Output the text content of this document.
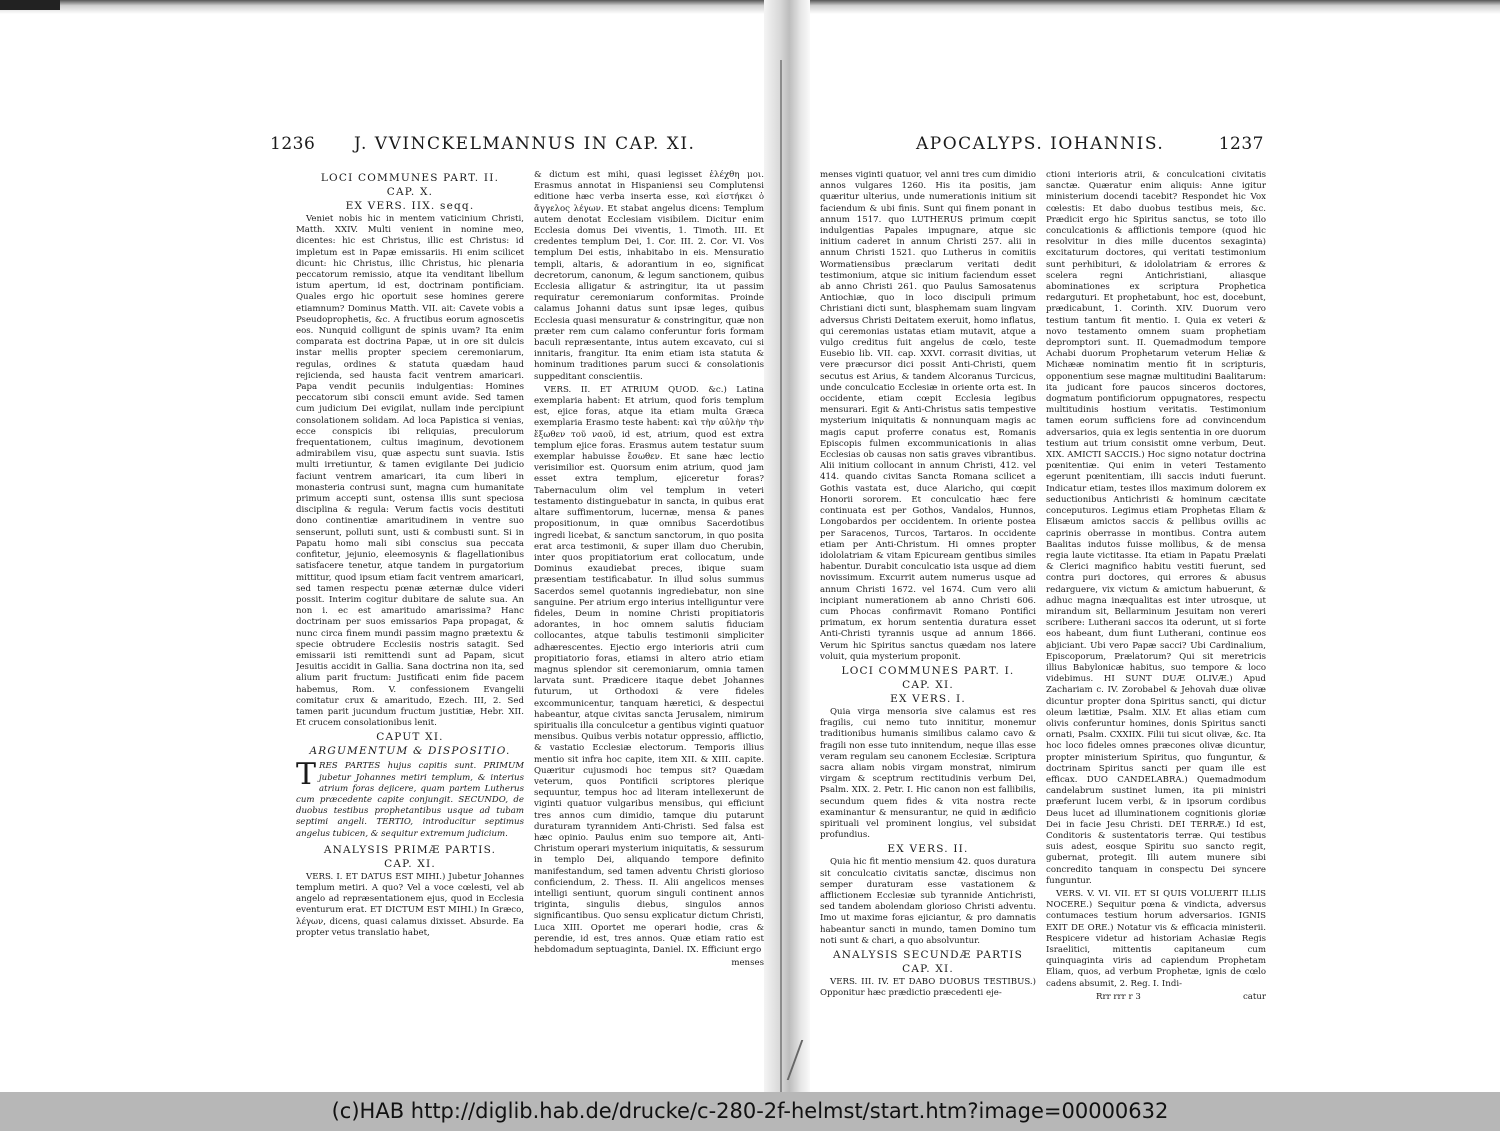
1236 J. VVINCKELMANNUS IN CAP. XI.
LOCI COMMUNES PART. II.
CAP. X.
EX VERS. IIX. seqq.

Veniet nobis hic in mentem vaticinium Christi, Matth. XXIV. Multi venient in nomine meo, dicentes: hic est Christus, illic est Christus: id impletum est in Papæ emissariis. Hi enim scilicet dicunt: hic Christus, illic Christus, hic plenaria peccatorum remissio, atque ita venditant libellum istum apertum, id est, doctrinam pontificiam. Quales ergo hic oportuit sese homines gerere etiamnum? Dominus Matth. VII. ait: Cavete vobis a Pseudoprophetis, &c. A fructibus eorum agnoscetis eos. Nunquid colligunt de spinis uvam? Ita enim comparata est doctrina Papæ, ut in ore sit dulcis instar mellis propter speciem ceremoniarum, regulas, ordines & statuta quædam haud rejicienda, sed hausta facit ventrem amaricari. Papa vendit pecuniis indulgentias: Homines peccatorum sibi conscii emunt avide. Sed tamen cum judicium Dei evigilat, nullam inde percipiunt consolationem solidam. Ad loca Papistica si venias, ecce conspicis ibi reliquias, preculorum frequentationem, cultus imaginum, devotionem admirabilem visu, quæ aspectu sunt suavia. Istis multi irretiuntur, & tamen evigilante Dei judicio faciunt ventrem amaricari, ita cum liberi in monasteria contrusi sunt, magna cum humanitate primum accepti sunt, ostensa illis sunt speciosa disciplina & regula: Verum factis vocis destituti dono continentiæ amaritudinem in ventre suo senserunt, polluti sunt, usti & combusti sunt. Si in Papatu homo mali sibi conscius sua peccata confitetur, jejunio, eleemosynis & flagellationibus satisfacere tenetur, atque tandem in purgatorium mittitur, quod ipsum etiam facit ventrem amaricari, sed tamen respectu pœnæ æternæ dulce videri possit. Interim cogitur dubitare de salute sua. An non i. ec est amaritudo amarissima? Hanc doctrinam per suos emissarios Papa propagat, & nunc circa finem mundi passim magno prætextu & specie obtrudere Ecclesiis nostris satagit. Sed emissarii isti remittendi sunt ad Papam, sicut Jesuitis accidit in Gallia. Sana doctrina non ita, sed alium parit fructum: Justificati enim fide pacem habemus, Rom. V. confessionem Evangelii comitatur crux & amaritudo, Ezech. III, 2. Sed tamen parit jucundum fructum justitiæ, Hebr. XII. Et crucem consolationibus lenit.

CAPUT XI.
ARGUMENTUM & DISPOSITIO.

TRES PARTES hujus capitis sunt. PRIMUM jubetur Johannes metiri templum, & interius atrium foras dejicere, quam partem Lutherus cum præcedente capite conjungit. SECUNDO, de duobus testibus prophetantibus usque ad tubam septimi angeli. TERTIO, introducitur septimus angelus tubicen, & sequitur extremum judicium.

ANALYSIS PRIMÆ PARTIS.
CAP. XI.

VERS. I. ET DATUS EST MIHI.) Jubetur Johannes templum metiri. A quo? Vel a voce cœlesti, vel ab angelo ad repræsentationem ejus, quod in Ecclesia eventurum erat. ET DICTUM EST MIHI.) In Græco, λέγων, dicens, quasi calamus dixisset. Absurde. Ea propter vetus translatio habet,

& dictum est mihi, quasi legisset ἐλέχθη μοι. Erasmus annotat in Hispaniensi seu Complutensi editione hæc verba inserta esse, καὶ εἱστήκει ὁ ἄγγελος λέγων. Et stabat angelus dicens: Templum autem denotat Ecclesiam visibilem. Dicitur enim Ecclesia domus Dei viventis, 1. Timoth. III. Et credentes templum Dei, 1. Cor. III. 2. Cor. VI. Vos templum Dei estis, inhabitabo in eis. Mensuratio templi, altaris, & adorantium in eo, significat decretorum, canonum, & legum sanctionem, quibus Ecclesia alligatur & astringitur, ita ut passim requiratur ceremoniarum conformitas. Proinde calamus Johanni datus sunt ipsæ leges, quibus Ecclesia quasi mensuratur & constringitur, quæ non præter rem cum calamo conferuntur foris formam baculi repræsentante, intus autem excavato, cui si innitaris, frangitur. Ita enim etiam ista statuta & hominum traditiones parum succi & consolationis suppeditant conscientiis.

VERS. II. ET ATRIUM QUOD. &c.) Latina exemplaria habent: Et atrium, quod foris templum est, ejice foras, atque ita etiam multa Græca exemplaria Erasmo teste habent: καὶ τὴν αὐλὴν τὴν ἔξωθεν τοῦ ναοῦ, id est, atrium, quod est extra templum ejice foras. Erasmus autem testatur suum exemplar habuisse ἔσωθεν. Et sane hæc lectio verisimilior est. Quorsum enim atrium, quod jam esset extra templum, ejiceretur foras? Tabernaculum olim vel templum in veteri testamento distinguebatur in sancta, in quibus erat altare suffimentorum, lucernæ, mensa & panes propositionum, in quæ omnibus Sacerdotibus ingredi licebat, & sanctum sanctorum, in quo posita erat arca testimonii, & super illam duo Cherubin, inter quos propitiatorium erat collocatum, unde Dominus exaudiebat preces, ibique suam præsentiam testificabatur. In illud solus summus Sacerdos semel quotannis ingrediebatur, non sine sanguine. Per atrium ergo interius intelliguntur vere fideles, Deum in nomine Christi propitiatoris adorantes, in hoc omnem salutis fiduciam collocantes, atque tabulis testimonii simpliciter adhærescentes. Ejectio ergo interioris atrii cum propitiatorio foras, etiamsi in altero atrio etiam magnus splendor sit ceremoniarum, omnia tamen larvata sunt. Prædicere itaque debet Johannes futurum, ut Orthodoxi & vere fideles excommunicentur, tanquam hæretici, & despectui habeantur, atque civitas sancta Jerusalem, nimirum spiritualis illa conculcetur a gentibus viginti quatuor mensibus. Quibus verbis notatur oppressio, afflictio, & vastatio Ecclesiæ electorum. Temporis illius mentio sit infra hoc capite, item XII. & XIII. capite. Quæritur cujusmodi hoc tempus sit? Quædam veterum, quos Pontificii scriptores plerique sequuntur, tempus hoc ad literam intellexerunt de viginti quatuor vulgaribus mensibus, qui efficiunt tres annos cum dimidio, tamque diu putarunt duraturam tyrannidem Anti-Christi. Sed falsa est hæc opinio. Paulus enim suo tempore ait, Anti-Christum operari mysterium iniquitatis, & sessurum in templo Dei, aliquando tempore definito manifestandum, sed tamen adventu Christi glorioso conficiendum, 2. Thess. II. Alii angelicos menses intelligi sentiunt, quorum singuli continent annos triginta, singulis diebus, singulos annos significantibus. Quo sensu explicatur dictum Christi, Luca XIII. Oportet me operari hodie, cras & perendie, id est, tres annos. Quæ etiam ratio est hebdomadum septuaginta, Daniel. IX. Efficiunt ergo

menses
APOCALYPS. IOHANNIS.	1237

menses viginti quatuor, vel anni tres cum dimidio annos vulgares 1260. His ita positis, jam quæritur ulterius, unde numerationis initium sit faciendum & ubi finis. Sunt qui finem ponant in annum 1517. quo LUTHERUS primum cœpit indulgentias Papales impugnare, atque sic initium caderet in annum Christi 257. alii in annum Christi 1521. quo Lutherus in comitiis Wormatiensibus præclarum veritati dedit testimonium, atque sic initium faciendum esset ab anno Christi 261. quo Paulus Samosatenus Antiochiæ, quo in loco discipuli primum Christiani dicti sunt, blasphemam suam lingvam adversus Christi Deitatem exeruit, homo inflatus, qui ceremonias ustatas etiam mutavit, atque a vulgo creditus fuit angelus de cœlo, teste Eusebio lib. VII. cap. XXVI. corrasit divitias, ut vere præcursor dici possit Anti-Christi, quem secutus est Arius, & tandem Alcoranus Turcicus, unde conculcatio Ecclesiæ in oriente orta est. In occidente, etiam cœpit Ecclesia legibus mensurari. Egit & Anti-Christus satis tempestive mysterium iniquitatis & nonnunquam magis ac magis caput proferre conatus est, Romanis Episcopis fulmen excommunicationis in alias Ecclesias ob causas non satis graves vibrantibus. Alii initium collocant in annum Christi, 412. vel 414. quando civitas Sancta Romana scilicet a Gothis vastata est, duce Alaricho, qui cœpit Honorii sororem. Et conculcatio hæc fere continuata est per Gothos, Vandalos, Hunnos, Longobardos per occidentem. In oriente postea per Saracenos, Turcos, Tartaros. In occidente etiam per Anti-Christum. Hi omnes propter idololatriam & vitam Epicuream gentibus similes habentur. Durabit conculcatio ista usque ad diem novissimum. Excurrit autem numerus usque ad annum Christi 1672. vel 1674. Cum vero alii incipiant numerationem ab anno Christi 606. cum Phocas confirmavit Romano Pontifici primatum, ex horum sententia duratura esset Anti-Christi tyrannis usque ad annum 1866. Verum hic Spiritus sanctus quædam nos latere voluit, quia mysterium proponit.

LOCI COMMUNES PART. I.
CAP. XI.
EX VERS. I.

Quia virga mensoria sive calamus est res fragilis, cui nemo tuto innititur, monemur traditionibus humanis similibus calamo cavo & fragili non esse tuto innitendum, neque illas esse veram regulam seu canonem Ecclesiæ. Scriptura sacra aliam nobis virgam monstrat, nimirum virgam & sceptrum rectitudinis verbum Dei, Psalm. XIX. 2. Petr. I. Hic canon non est fallibilis, secundum quem fides & vita nostra recte examinantur & mensurantur, ne quid in ædificio spirituali vel prominent longius, vel subsidat profundius.

EX VERS. II.

Quia hic fit mentio mensium 42. quos duratura sit conculcatio civitatis sanctæ, discimus non semper duraturam esse vastationem & afflictionem Ecclesiæ sub tyrannide Antichristi, sed tandem abolendam glorioso Christi adventu. Imo ut maxime foras ejiciantur, & pro damnatis habeantur sancti in mundo, tamen Domino tum noti sunt & chari, a quo absolvuntur.

ANALYSIS SECUNDÆ PARTIS
CAP. XI.

VERS. III. IV. ET DABO DUOBUS TESTIBUS.) Opponitur hæc prædictio præcedenti eje-

ctioni interioris atrii, & conculcationi civitatis sanctæ. Quæratur enim aliquis: Anne igitur ministerium docendi tacebit? Respondet hic Vox cœlestis: Et dabo duobus testibus meis, &c. Prædicit ergo hic Spiritus sanctus, se toto illo conculcationis & afflictionis tempore (quod hic resolvitur in dies mille ducentos sexaginta) excitaturum doctores, qui veritati testimonium sunt perhibituri, & idololatriam & errores & scelera regni Antichristiani, aliasque abominationes ex scriptura Prophetica redarguturi. Et prophetabunt, hoc est, docebunt, prædicabunt, 1. Corinth. XIV. Duorum vero testium tantum fit mentio. I. Quia ex veteri & novo testamento omnem suam prophetiam depromptori sunt. II. Quemadmodum tempore Achabi duorum Prophetarum veterum Heliæ & Michææ nominatim mentio fit in scripturis, opponentium sese magnæ multitudini Baalitarum: ita judicant fore paucos sinceros doctores, dogmatum pontificiorum oppugnatores, respectu multitudinis hostium veritatis. Testimonium tamen eorum sufficiens fore ad convincendum adversarios, quia ex legis sententia in ore duorum testium aut trium consistit omne verbum, Deut. XIX. AMICTI SACCIS.) Hoc signo notatur doctrina pœnitentiæ. Qui enim in veteri Testamento egerunt pœnitentiam, illi saccis induti fuerunt. Indicatur etiam, testes illos maximum dolorem ex seductionibus Antichristi & hominum cæcitate conceputuros. Legimus etiam Prophetas Eliam & Elisæum amictos saccis & pellibus ovillis ac caprinis oberrasse in montibus. Contra autem Baalitas indutos fuisse mollibus, & de mensa regia laute victitasse. Ita etiam in Papatu Prælati & Clerici magnifico habitu vestiti fuerunt, sed contra puri doctores, qui errores & abusus redarguere, vix victum & amictum habuerunt, & adhuc magna inæqualitas est inter utrosque, ut mirandum sit, Bellarminum Jesuitam non vereri scribere: Lutherani saccos ita oderunt, ut si forte eos habeant, dum fiunt Lutherani, continue eos abjiciant. Ubi vero Papæ sacci? Ubi Cardinalium, Episcoporum, Prælatorum? Qui sit meretricis illius Babylonicæ habitus, suo tempore & loco videbimus. HI SUNT DUÆ OLIVÆ.) Apud Zachariam c. IV. Zorobabel & Jehovah duæ olivæ dicuntur propter dona Spiritus sancti, qui dictur oleum lætitiæ, Psalm. XLV. Et alias etiam cum olivis conferuntur homines, donis Spiritus sancti ornati, Psalm. CXXIIX. Filii tui sicut olivæ, &c. Ita hoc loco fideles omnes præcones olivæ dicuntur, propter ministerium Spiritus, quo funguntur, & doctrinam Spiritus sancti per quam ille est efficax. DUO CANDELABRA.) Quemadmodum candelabrum sustinet lumen, ita pii ministri præferunt lucem verbi, & in ipsorum cordibus Deus lucet ad illuminationem cognitionis gloriæ Dei in facie Jesu Christi. DEI TERRÆ.) Id est, Conditoris & sustentatoris terræ. Qui testibus suis adest, eosque Spiritu suo sancto regit, gubernat, protegit. Illi autem munere sibi concredito tanquam in conspectu Dei syncere funguntur.

VERS. V. VI. VII. ET SI QUIS VOLUERIT ILLIS NOCERE.) Sequitur pœna & vindicta, adversus contumaces testium horum adversarios. IGNIS EXIT DE ORE.) Notatur vis & efficacia ministerii. Respicere videtur ad historiam Achasiæ Regis Israelitici, mittentis capitaneum cum quinquaginta viris ad capiendum Prophetam Eliam, quos, ad verbum Prophetæ, ignis de cœlo cadens absumit, 2. Reg. I. Indi-

Rrr rrr r 3	catur
(c)HAB http://diglib.hab.de/drucke/c-280-2f-helmst/start.htm?image=00000632
